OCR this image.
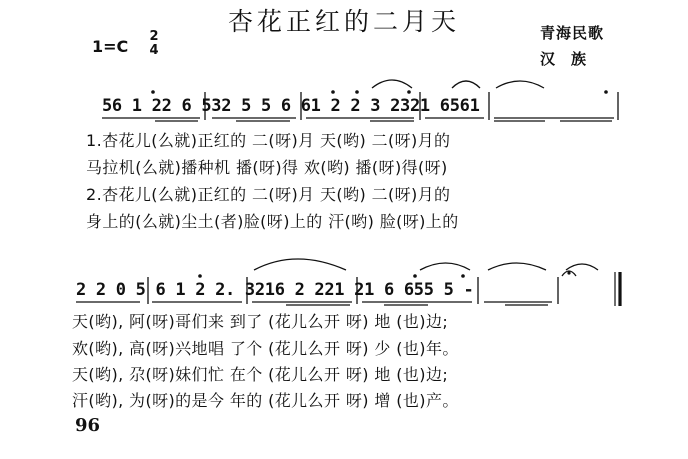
杏花正红的二月天	青海民歌
汉族
1=C
2
4
56 1 22 6 532 5 5 6 61 2 2 3 2321 6561
1.杏花儿(么就)正红的 二(呀)月 天(哟) 二(呀)月的
马拉机(么就)播种机 播(呀)得 欢(哟) 播(呀)得(呀)
2.杏花儿(么就)正红的 二(呀)月 天(哟) 二(呀)月的
身上的(么就)尘土(者)脸(呀)上的 汗(哟) 脸(呀)上的
2 2 0 5 6 1 2 2. 3216 2 221 21 6 655 5 -
天(哟), 阿(呀)哥们来 到了 (花儿么开 呀) 地 (也)边;
欢(哟), 高(呀)兴地唱 了个 (花儿么开 呀) 少 (也)年。
天(哟), 尕(呀)妹们忙 在个 (花儿么开 呀) 地 (也)边;
汗(哟), 为(呀)的是今 年的 (花儿么开 呀) 增 (也)产。
96
